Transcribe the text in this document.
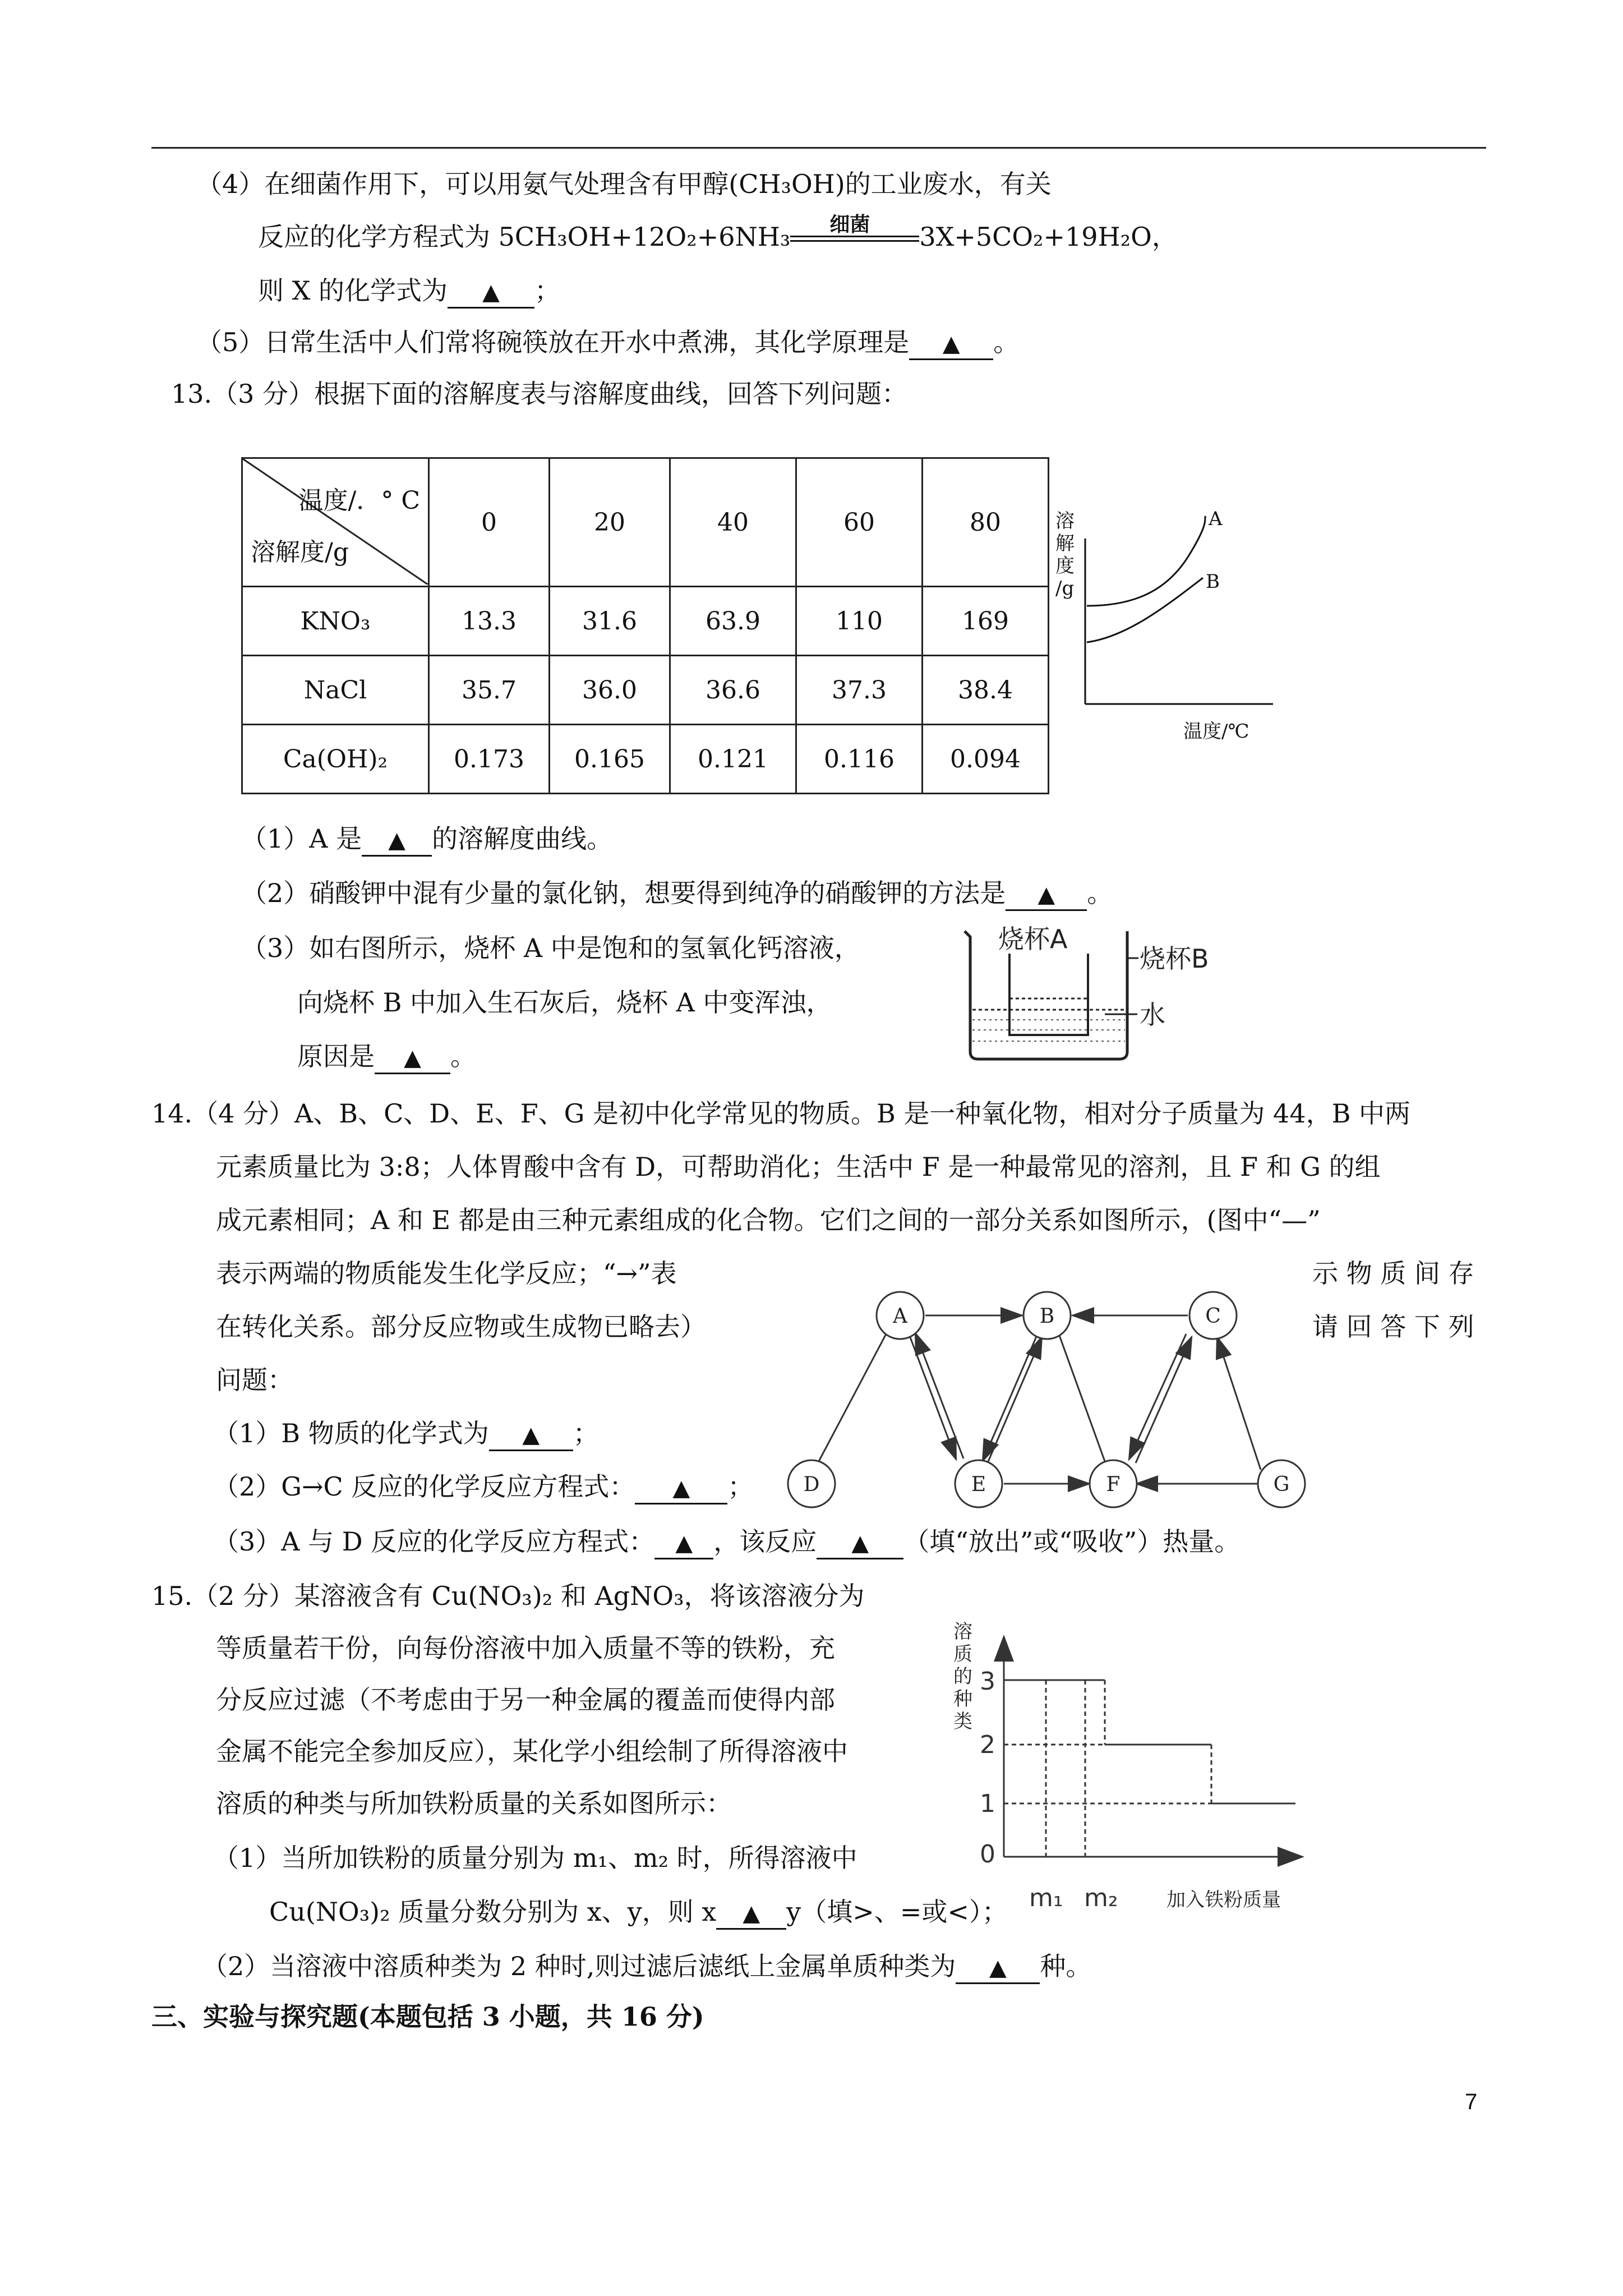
（4）在细菌作用下，可以用氨气处理含有甲醇(CH₃OH)的工业废水，有关
反应的化学方程式为 5CH₃OH+12O₂+6NH₃ 细菌 3X+5CO₂+19H₂O，
则 X 的化学式为 ▲ ；
（5）日常生活中人们常将碗筷放在开水中煮沸，其化学原理是 ▲ 。
13.（3 分）根据下面的溶解度表与溶解度曲线，回答下列问题：
温度/．° C
溶解度/g	0	20	40	60	80
KNO₃	13.3	31.6	63.9	110	169
NaCl	35.7	36.0	36.6	37.3	38.4
Ca(OH)₂	0.173	0.165	0.121	0.116	0.094
溶
解
度
/g
A
B
温度/℃
（1）A 是 ▲ 的溶解度曲线。
（2）硝酸钾中混有少量的氯化钠，想要得到纯净的硝酸钾的方法是 ▲ 。
（3）如右图所示，烧杯 A 中是饱和的氢氧化钙溶液，
向烧杯 B 中加入生石灰后，烧杯 A 中变浑浊，
原因是 ▲ 。
烧杯A
烧杯B
水
14.（4 分）A、B、C、D、E、F、G 是初中化学常见的物质。B 是一种氧化物，相对分子质量为 44，B 中两
元素质量比为 3:8；人体胃酸中含有 D，可帮助消化；生活中 F 是一种最常见的溶剂，且 F 和 G 的组
成元素相同；A 和 E 都是由三种元素组成的化合物。它们之间的一部分关系如图所示，(图中“—”
表示两端的物质能发生化学反应；“→”表	示 物 质 间 存
在转化关系。部分反应物或生成物已略去）	请 回 答 下 列
问题：
（1）B 物质的化学式为 ▲ ；
（2）G→C 反应的化学反应方程式： ▲ ；
（3）A 与 D 反应的化学反应方程式： ▲ ，该反应 ▲ （填“放出”或“吸收”）热量。
A	B	C
D	E	F	G
15.（2 分）某溶液含有 Cu(NO₃)₂ 和 AgNO₃，将该溶液分为
等质量若干份，向每份溶液中加入质量不等的铁粉，充
分反应过滤（不考虑由于另一种金属的覆盖而使得内部
金属不能完全参加反应），某化学小组绘制了所得溶液中
溶质的种类与所加铁粉质量的关系如图所示：
（1）当所加铁粉的质量分别为 m₁、m₂ 时，所得溶液中
Cu(NO₃)₂ 质量分数分别为 x、y，则 x ▲ y（填>、=或<）；
（2）当溶液中溶质种类为 2 种时,则过滤后滤纸上金属单质种类为 ▲ 种。
溶
质
的
种
类
3
2
1
0
m₁ m₂	加入铁粉质量
三、实验与探究题(本题包括 3 小题，共 16 分)
7
